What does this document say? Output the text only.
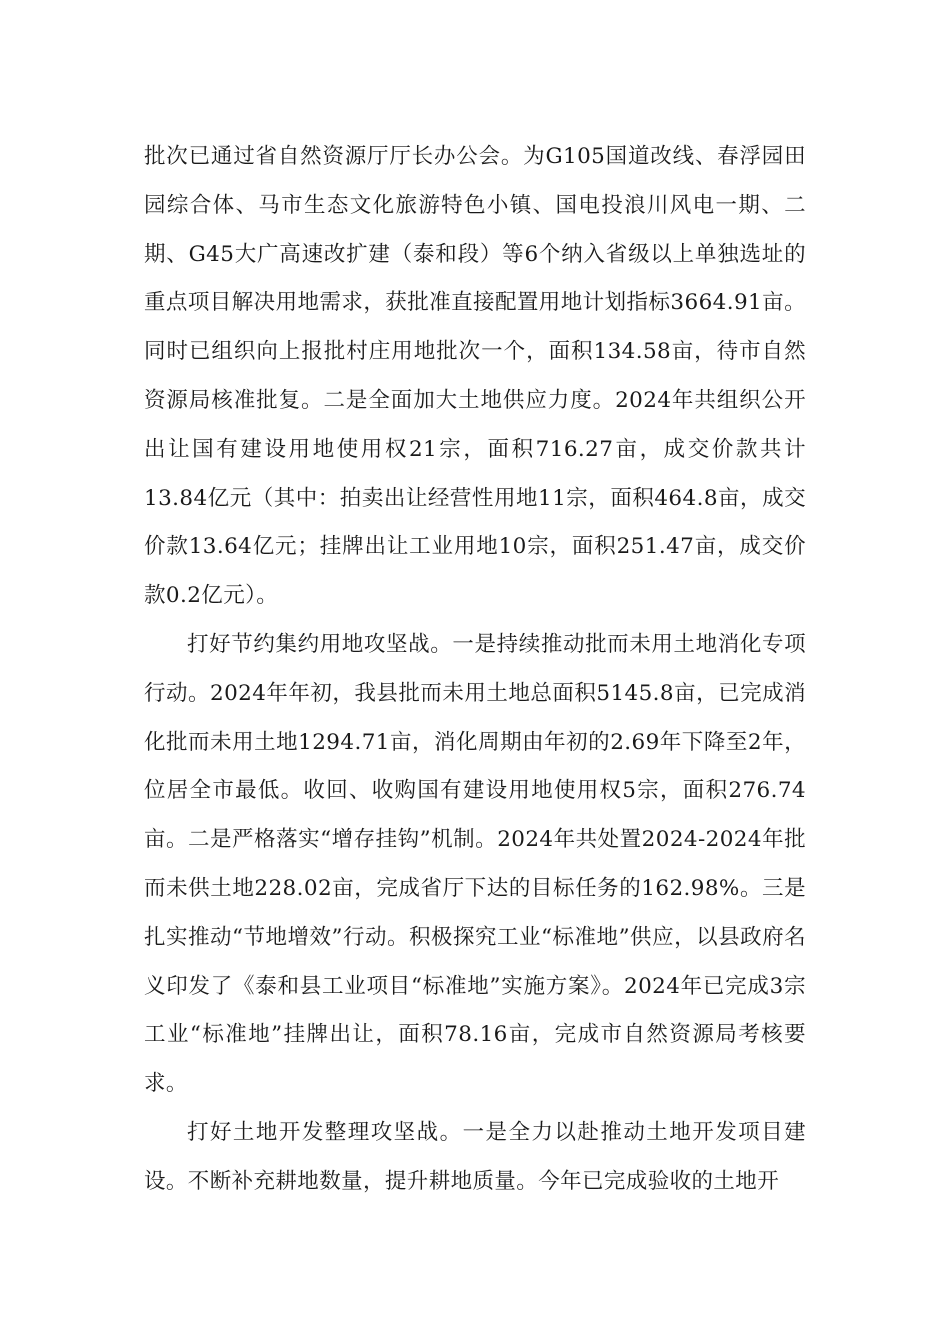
批次已通过省自然资源厅厅长办公会。为G105国道改线、春浮园田园综合体、马市生态文化旅游特色小镇、国电投浪川风电一期、二期、G45大广高速改扩建（泰和段）等6个纳入省级以上单独选址的重点项目解决用地需求，获批准直接配置用地计划指标3664.91亩。同时已组织向上报批村庄用地批次一个，面积134.58亩，待市自然资源局核准批复。二是全面加大土地供应力度。2024年共组织公开出让国有建设用地使用权21宗，面积716.27亩，成交价款共计13.84亿元（其中：拍卖出让经营性用地11宗，面积464.8亩，成交价款13.64亿元；挂牌出让工业用地10宗，面积251.47亩，成交价款0.2亿元）。

打好节约集约用地攻坚战。一是持续推动批而未用土地消化专项行动。2024年年初，我县批而未用土地总面积5145.8亩，已完成消化批而未用土地1294.71亩，消化周期由年初的2.69年下降至2年，位居全市最低。收回、收购国有建设用地使用权5宗，面积276.74亩。二是严格落实“增存挂钩”机制。2024年共处置2024-2024年批而未供土地228.02亩，完成省厅下达的目标任务的162.98%。三是扎实推动“节地增效”行动。积极探究工业“标准地”供应，以县政府名义印发了《泰和县工业项目“标准地”实施方案》。2024年已完成3宗工业“标准地”挂牌出让，面积78.16亩，完成市自然资源局考核要求。

打好土地开发整理攻坚战。一是全力以赴推动土地开发项目建设。不断补充耕地数量，提升耕地质量。今年已完成验收的土地开
